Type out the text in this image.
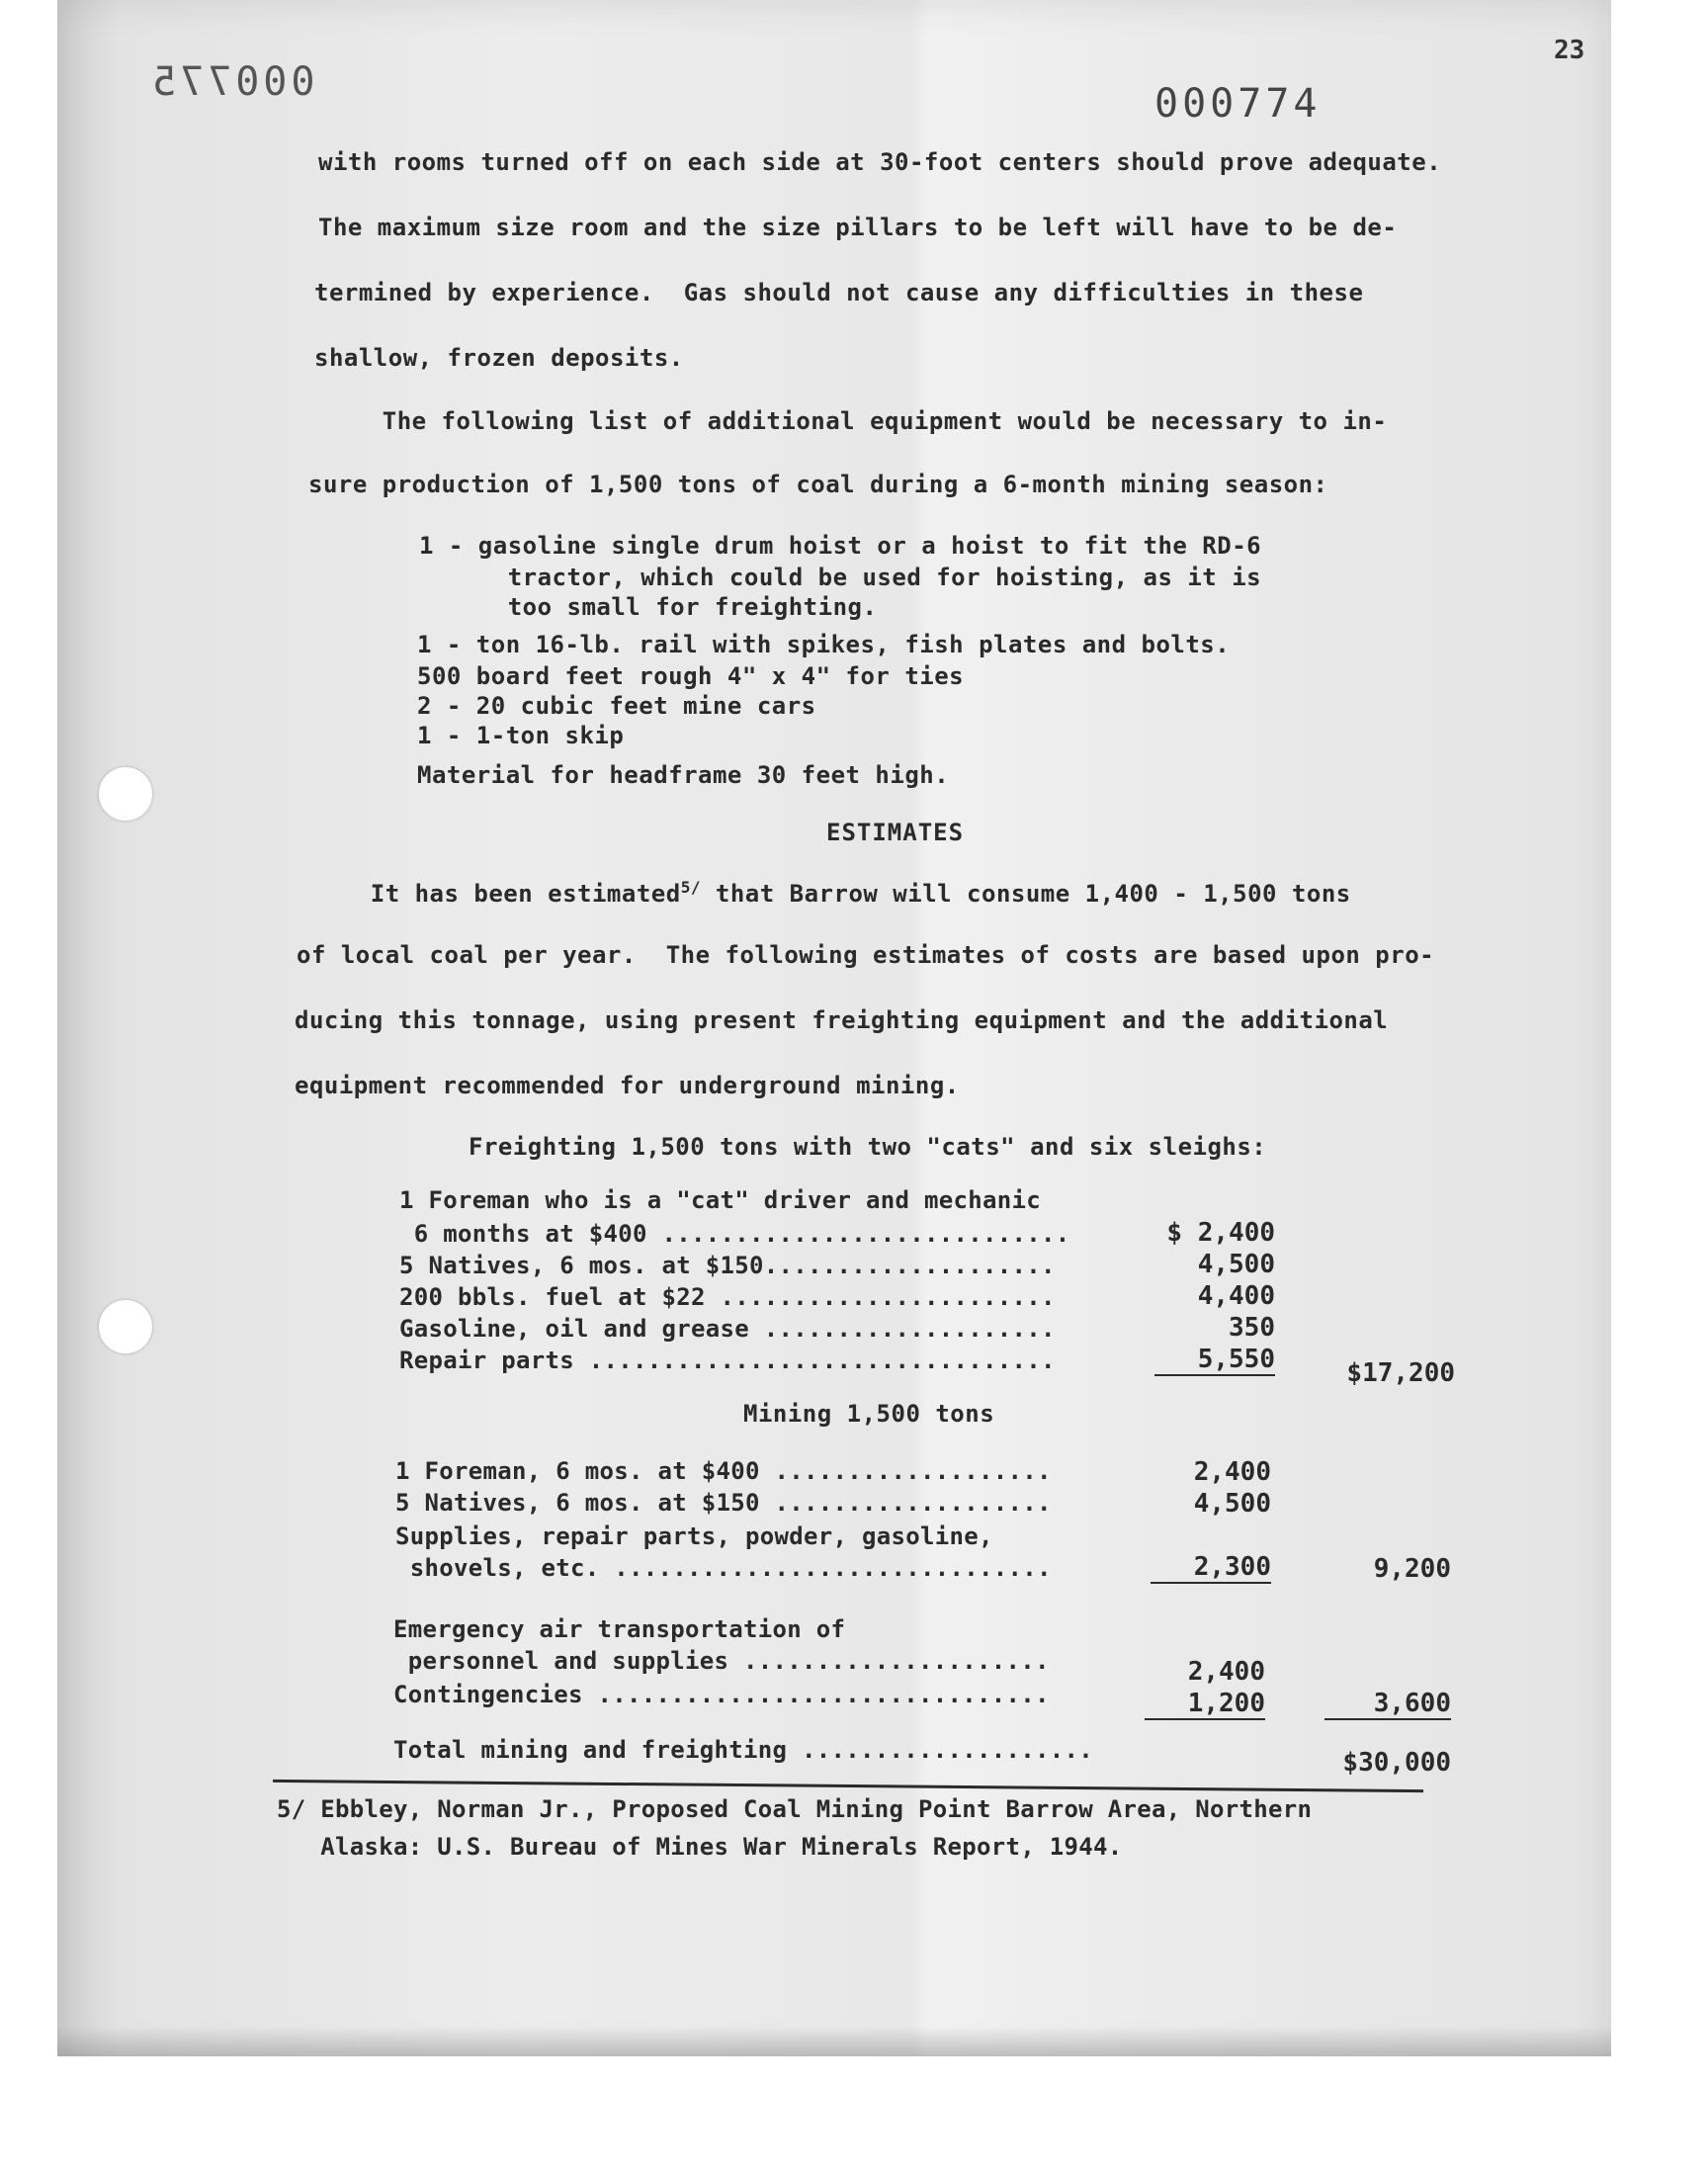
000775	000774
23
with rooms turned off on each side at 30-foot centers should prove adequate.
The maximum size room and the size pillars to be left will have to be de-
termined by experience.  Gas should not cause any difficulties in these
shallow, frozen deposits.
The following list of additional equipment would be necessary to in-
sure production of 1,500 tons of coal during a 6-month mining season:
1 - gasoline single drum hoist or a hoist to fit the RD-6
tractor, which could be used for hoisting, as it is
too small for freighting.
1 - ton 16-lb. rail with spikes, fish plates and bolts.
500 board feet rough 4" x 4" for ties
2 - 20 cubic feet mine cars
1 - 1-ton skip
Material for headframe 30 feet high.
ESTIMATES
It has been estimated$^{5/}$ that Barrow will consume 1,400 - 1,500 tons
of local coal per year.  The following estimates of costs are based upon pro-
ducing this tonnage, using present freighting equipment and the additional
equipment recommended for underground mining.
Freighting 1,500 tons with two "cats" and six sleighs:
1 Foreman who is a "cat" driver and mechanic
6 months at $400 ............................	$ 2,400
5 Natives, 6 mos. at $150....................	4,500
200 bbls. fuel at $22 .......................	4,400
Gasoline, oil and grease ....................	350
Repair parts ................................	5,550	$17,200
Mining 1,500 tons
1 Foreman, 6 mos. at $400 ...................	2,400
5 Natives, 6 mos. at $150 ...................	4,500
Supplies, repair parts, powder, gasoline,
shovels, etc. ..............................	2,300	9,200
Emergency air transportation of
personnel and supplies .....................	2,400
Contingencies ...............................	1,200	3,600
Total mining and freighting ....................	$30,000
5/ Ebbley, Norman Jr., Proposed Coal Mining Point Barrow Area, Northern
Alaska: U.S. Bureau of Mines War Minerals Report, 1944.
